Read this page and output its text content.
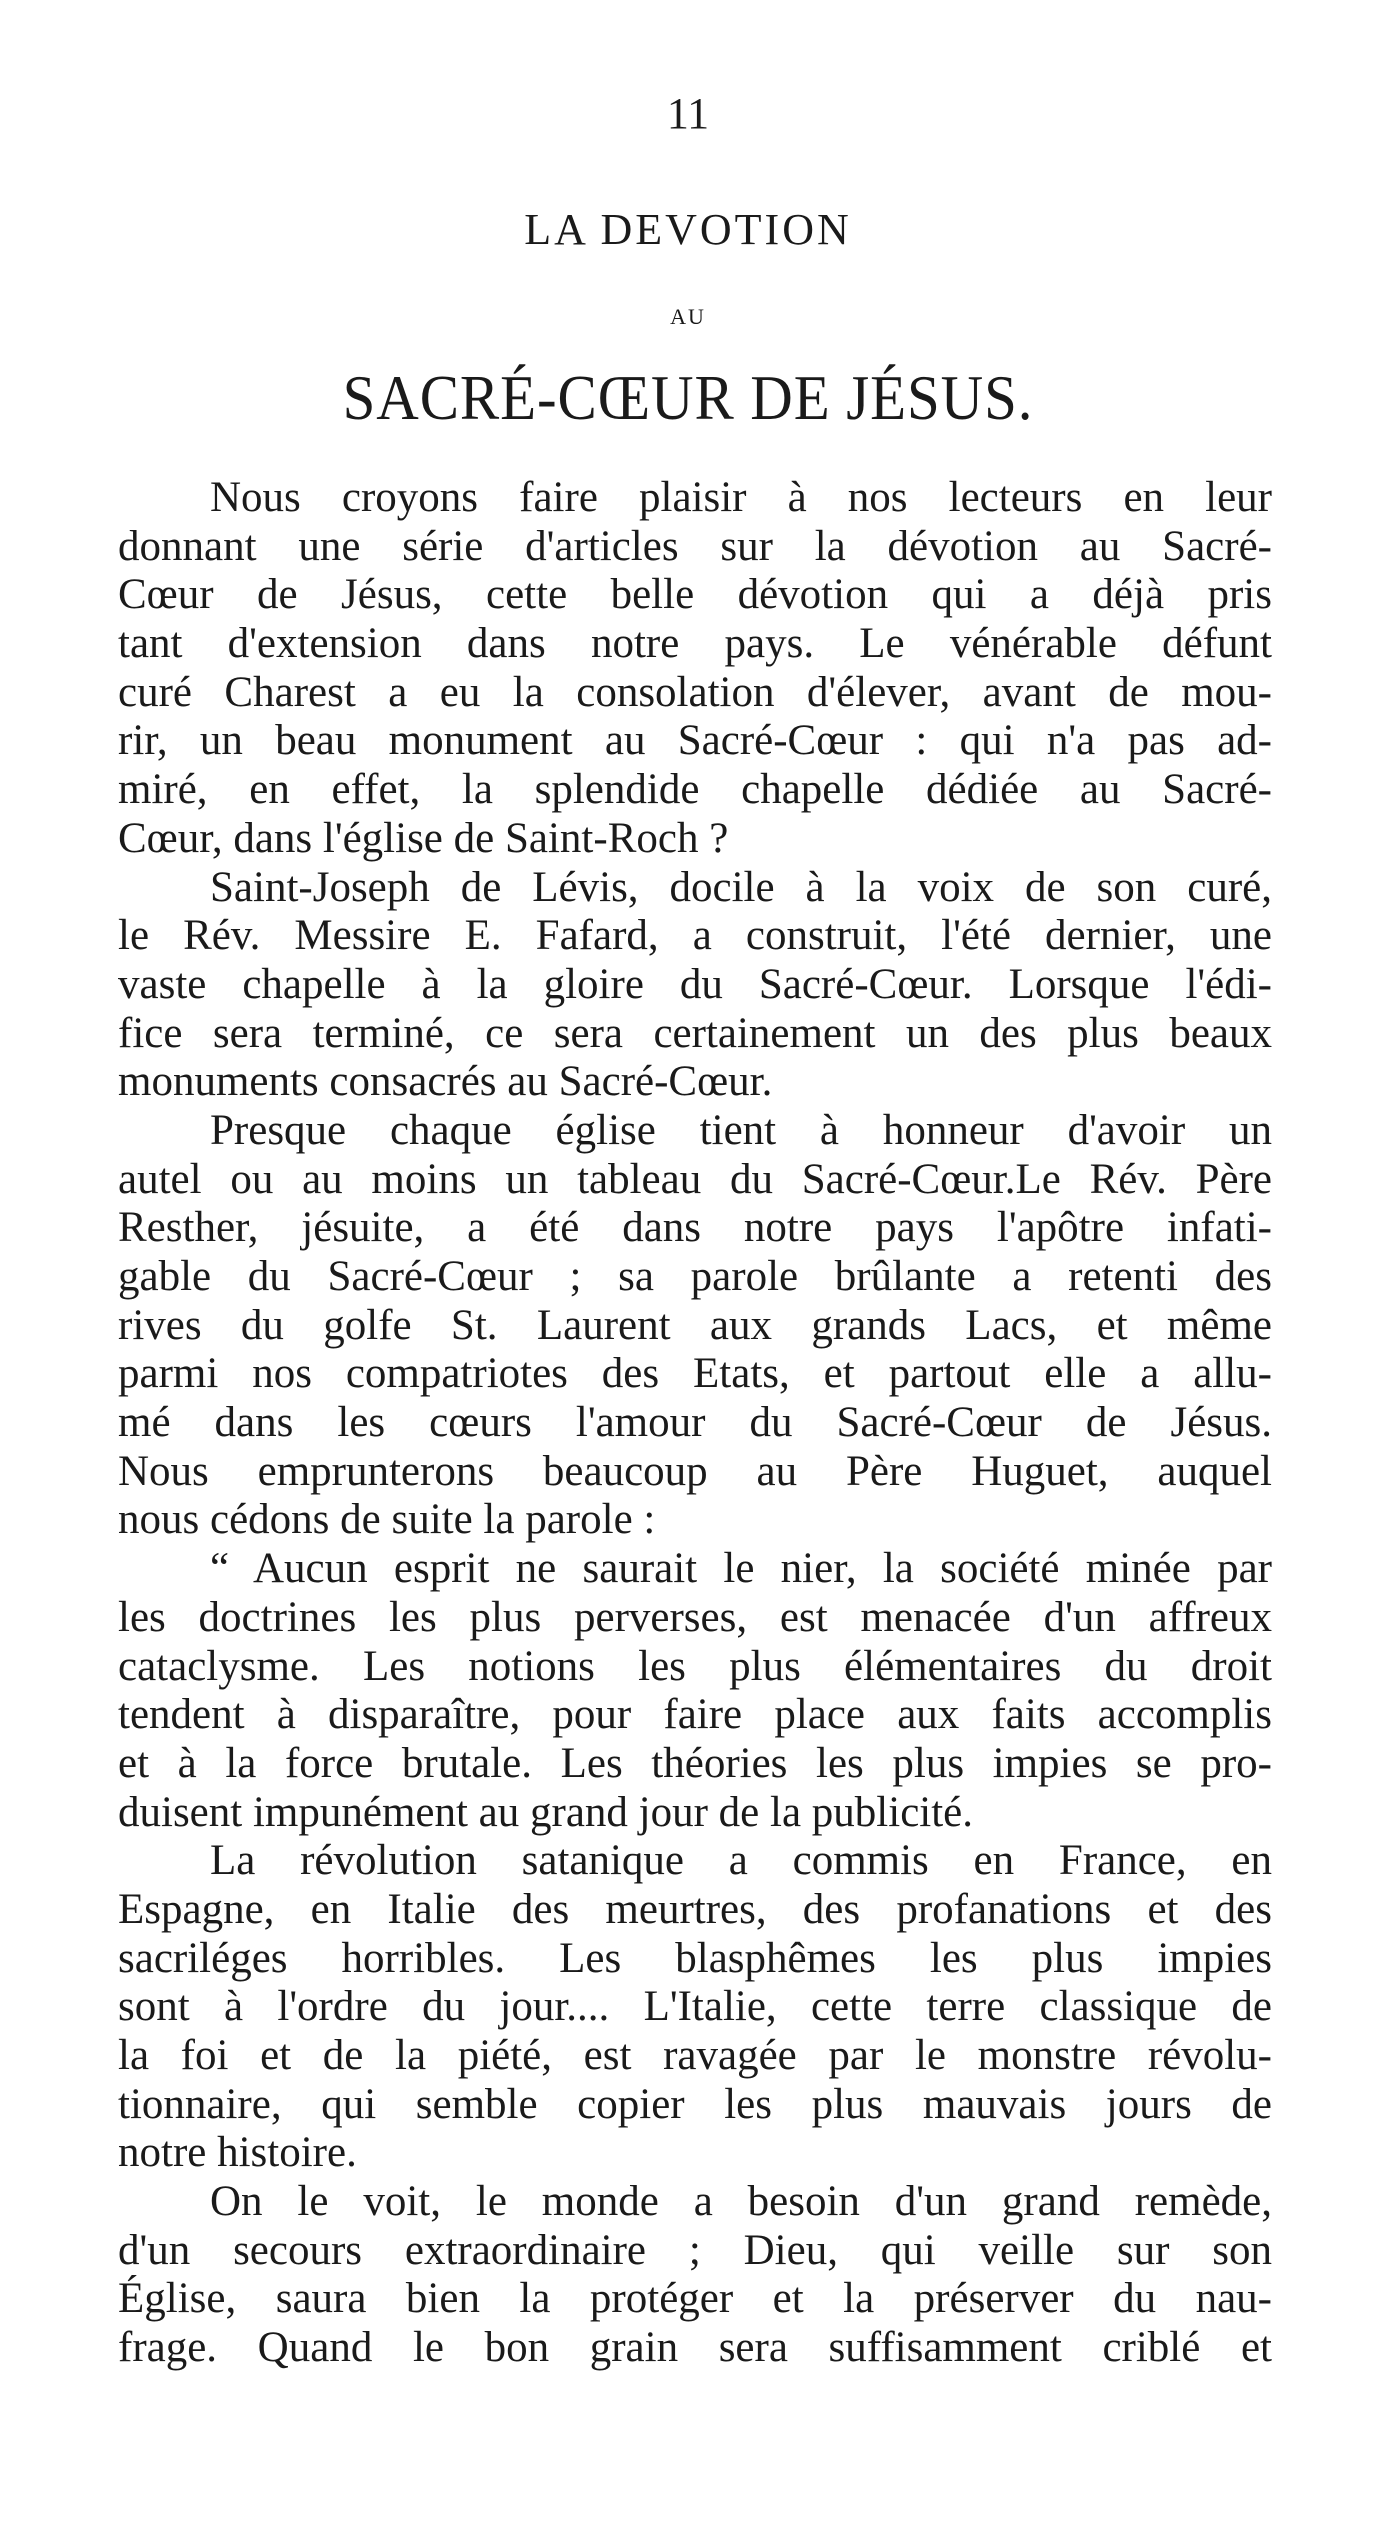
11
LA DEVOTION
AU
SACRÉ-CŒUR DE JÉSUS.
Nous croyons faire plaisir à nos lecteurs en leur
donnant une série d'articles sur la dévotion au Sacré-
Cœur de Jésus, cette belle dévotion qui a déjà pris
tant d'extension dans notre pays. Le vénérable défunt
curé Charest a eu la consolation d'élever, avant de mou-
rir, un beau monument au Sacré-Cœur : qui n'a pas ad-
miré, en effet, la splendide chapelle dédiée au Sacré-
Cœur, dans l'église de Saint-Roch ?
Saint-Joseph de Lévis, docile à la voix de son curé,
le Rév. Messire E. Fafard, a construit, l'été dernier, une
vaste chapelle à la gloire du Sacré-Cœur. Lorsque l'édi-
fice sera terminé, ce sera certainement un des plus beaux
monuments consacrés au Sacré-Cœur.
Presque chaque église tient à honneur d'avoir un
autel ou au moins un tableau du Sacré-Cœur.Le Rév. Père
Resther, jésuite, a été dans notre pays l'apôtre infati-
gable du Sacré-Cœur ; sa parole brûlante a retenti des
rives du golfe St. Laurent aux grands Lacs, et même
parmi nos compatriotes des Etats, et partout elle a allu-
mé dans les cœurs l'amour du Sacré-Cœur de Jésus.
Nous emprunterons beaucoup au Père Huguet, auquel
nous cédons de suite la parole :
“ Aucun esprit ne saurait le nier, la société minée par
les doctrines les plus perverses, est menacée d'un affreux
cataclysme. Les notions les plus élémentaires du droit
tendent à disparaître, pour faire place aux faits accomplis
et à la force brutale. Les théories les plus impies se pro-
duisent impunément au grand jour de la publicité.
La révolution satanique a commis en France, en
Espagne, en Italie des meurtres, des profanations et des
sacriléges horribles. Les blasphêmes les plus impies
sont à l'ordre du jour.... L'Italie, cette terre classique de
la foi et de la piété, est ravagée par le monstre révolu-
tionnaire, qui semble copier les plus mauvais jours de
notre histoire.
On le voit, le monde a besoin d'un grand remède,
d'un secours extraordinaire ; Dieu, qui veille sur son
Église, saura bien la protéger et la préserver du nau-
frage. Quand le bon grain sera suffisamment criblé et
